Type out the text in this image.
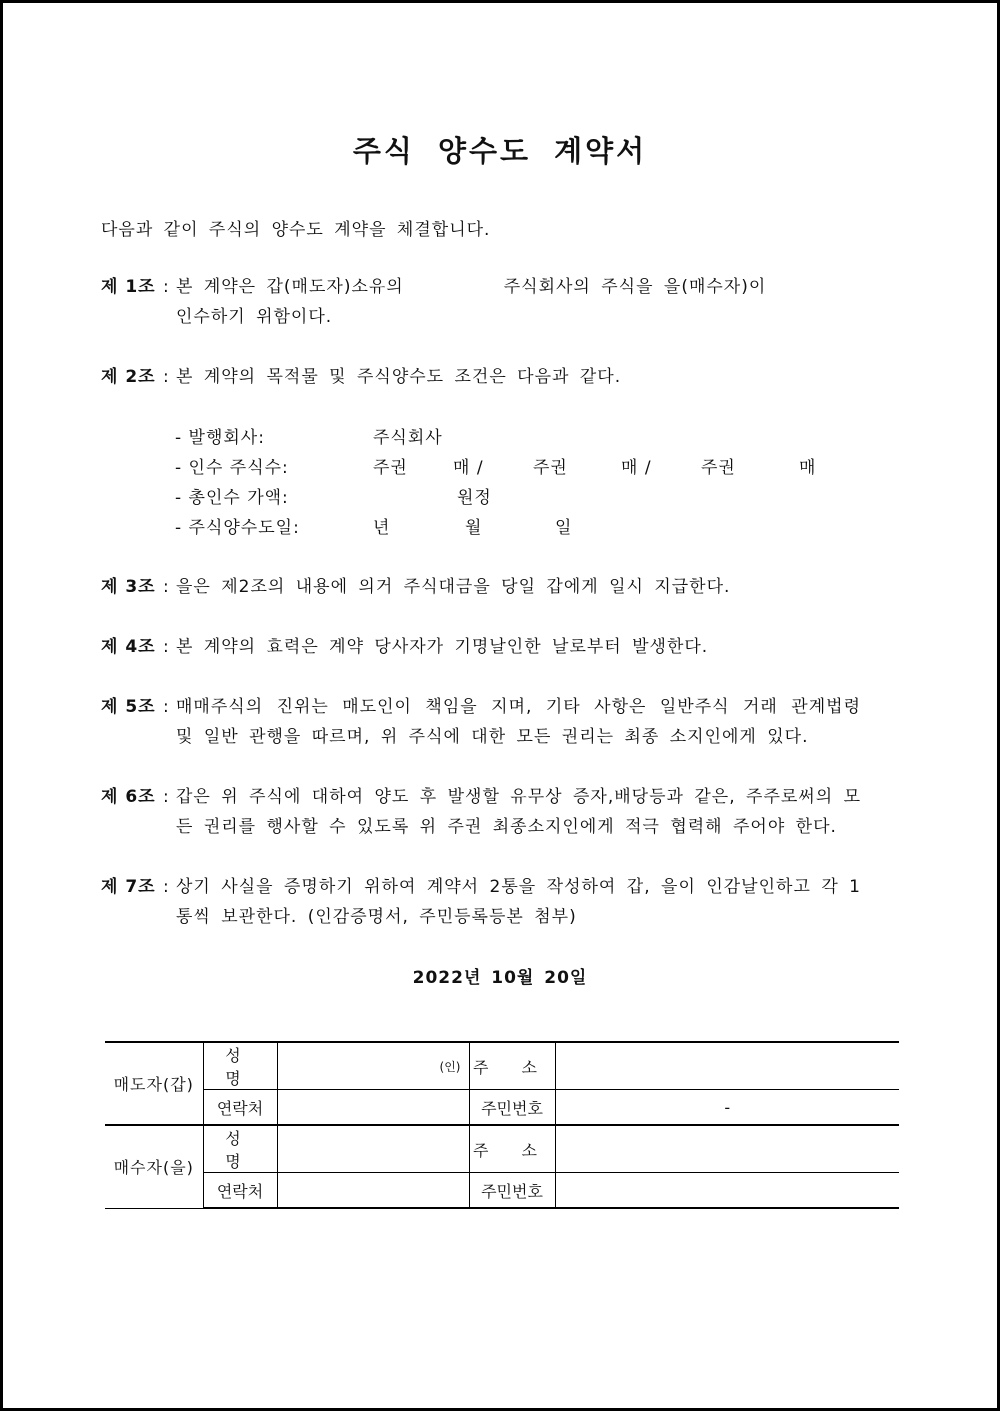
주식 양수도 계약서
다음과 같이 주식의 양수도 계약을 체결합니다.
제 1조 : 본 계약은 갑(매도자)소유의	주식회사의 주식을 을(매수자)이
인수하기 위함이다.
제 2조 : 본 계약의 목적물 및 주식양수도 조건은 다음과 같다.
- 발행회사:	주식회사
- 인수 주식수:	주권	매 /	주권	매 /	주권	매
- 총인수 가액:	원정
- 주식양수도일:	년	월	일
제 3조 : 을은 제2조의 내용에 의거 주식대금을 당일 갑에게 일시 지급한다.
제 4조 : 본 계약의 효력은 계약 당사자가 기명날인한 날로부터 발생한다.
제 5조 : 매매주식의 진위는 매도인이 책임을 지며, 기타 사항은 일반주식 거래 관계법령 및 일반 관행을 따르며, 위 주식에 대한 모든 권리는 최종 소지인에게 있다.
제 6조 : 갑은 위 주식에 대하여 양도 후 발생할 유무상 증자,배당등과 같은, 주주로써의 모든 권리를 행사할 수 있도록 위 주권 최종소지인에게 적극 협력해 주어야 한다.
제 7조 : 상기 사실을 증명하기 위하여 계약서 2통을 작성하여 갑, 을이 인감날인하고 각 1통씩 보관한다. (인감증명서, 주민등록등본 첨부)
2022년 10월 20일
매도자(갑)	성 명	(인)	주 소	
	연락처		주민번호	-
매수자(을)	성 명		주 소	
	연락처		주민번호	
